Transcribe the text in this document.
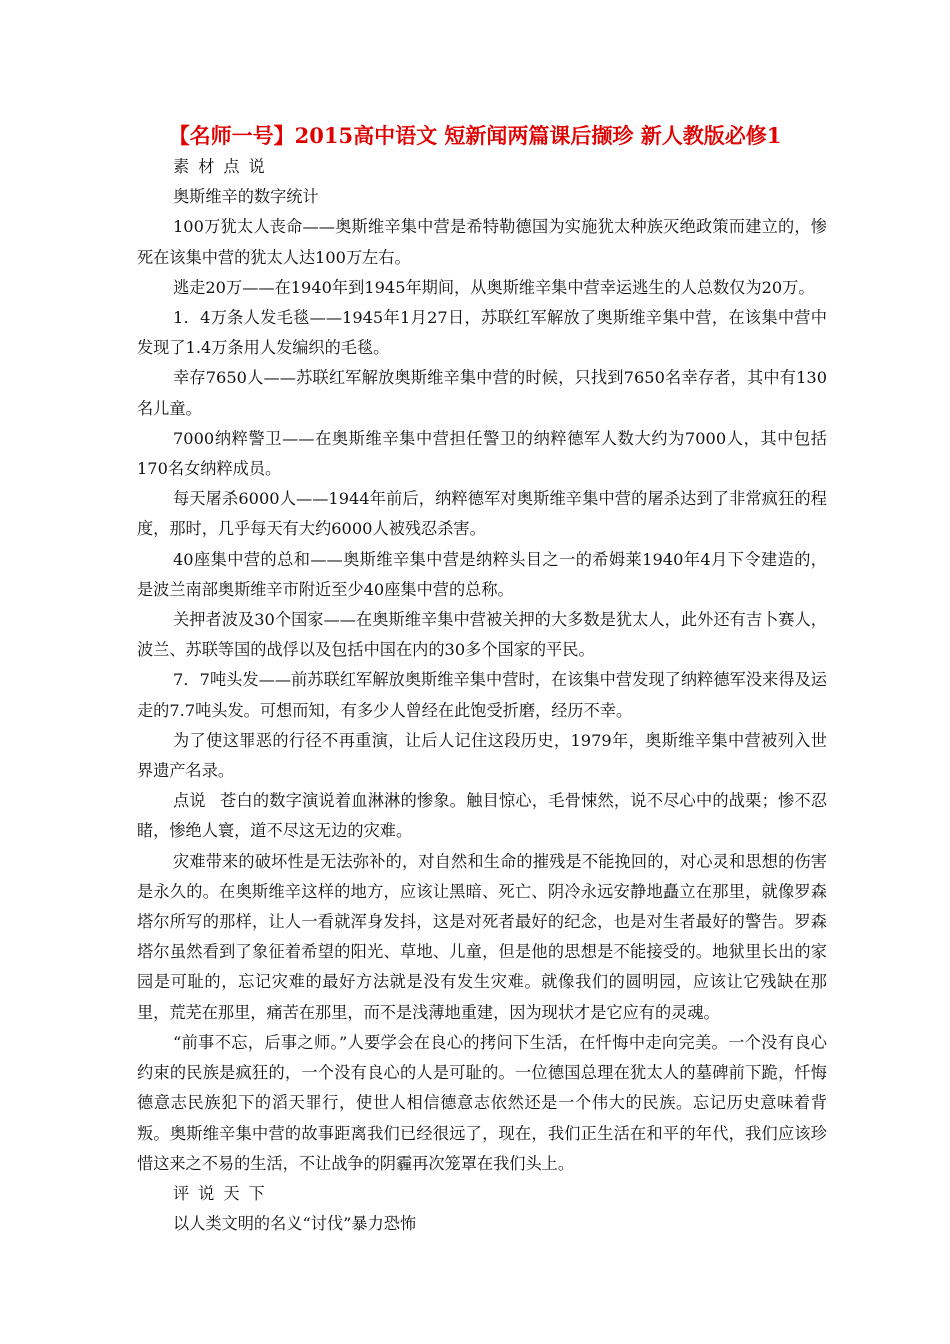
【名师一号】2015高中语文 短新闻两篇课后撷珍 新人教版必修1

素材点说

奥斯维辛的数字统计

100万犹太人丧命——奥斯维辛集中营是希特勒德国为实施犹太种族灭绝政策而建立的，惨死在该集中营的犹太人达100万左右。

逃走20万——在1940年到1945年期间，从奥斯维辛集中营幸运逃生的人总数仅为20万。

1．4万条人发毛毯——1945年1月27日，苏联红军解放了奥斯维辛集中营，在该集中营中发现了1.4万条用人发编织的毛毯。

幸存7650人——苏联红军解放奥斯维辛集中营的时候，只找到7650名幸存者，其中有130名儿童。

7000纳粹警卫——在奥斯维辛集中营担任警卫的纳粹德军人数大约为7000人，其中包括170名女纳粹成员。

每天屠杀6000人——1944年前后，纳粹德军对奥斯维辛集中营的屠杀达到了非常疯狂的程度，那时，几乎每天有大约6000人被残忍杀害。

40座集中营的总和——奥斯维辛集中营是纳粹头目之一的希姆莱1940年4月下令建造的，是波兰南部奥斯维辛市附近至少40座集中营的总称。

关押者波及30个国家——在奥斯维辛集中营被关押的大多数是犹太人，此外还有吉卜赛人，波兰、苏联等国的战俘以及包括中国在内的30多个国家的平民。

7．7吨头发——前苏联红军解放奥斯维辛集中营时，在该集中营发现了纳粹德军没来得及运走的7.7吨头发。可想而知，有多少人曾经在此饱受折磨，经历不幸。

为了使这罪恶的行径不再重演，让后人记住这段历史，1979年，奥斯维辛集中营被列入世界遗产名录。

点说 苍白的数字演说着血淋淋的惨象。触目惊心，毛骨悚然，说不尽心中的战栗；惨不忍睹，惨绝人寰，道不尽这无边的灾难。

灾难带来的破坏性是无法弥补的，对自然和生命的摧残是不能挽回的，对心灵和思想的伤害是永久的。在奥斯维辛这样的地方，应该让黑暗、死亡、阴冷永远安静地矗立在那里，就像罗森塔尔所写的那样，让人一看就浑身发抖，这是对死者最好的纪念，也是对生者最好的警告。罗森塔尔虽然看到了象征着希望的阳光、草地、儿童，但是他的思想是不能接受的。地狱里长出的家园是可耻的，忘记灾难的最好方法就是没有发生灾难。就像我们的圆明园，应该让它残缺在那里，荒芜在那里，痛苦在那里，而不是浅薄地重建，因为现状才是它应有的灵魂。

“前事不忘，后事之师。”人要学会在良心的拷问下生活，在忏悔中走向完美。一个没有良心约束的民族是疯狂的，一个没有良心的人是可耻的。一位德国总理在犹太人的墓碑前下跪，忏悔德意志民族犯下的滔天罪行，使世人相信德意志依然还是一个伟大的民族。忘记历史意味着背叛。奥斯维辛集中营的故事距离我们已经很远了，现在，我们正生活在和平的年代，我们应该珍惜这来之不易的生活，不让战争的阴霾再次笼罩在我们头上。

评说天下

以人类文明的名义“讨伐”暴力恐怖
